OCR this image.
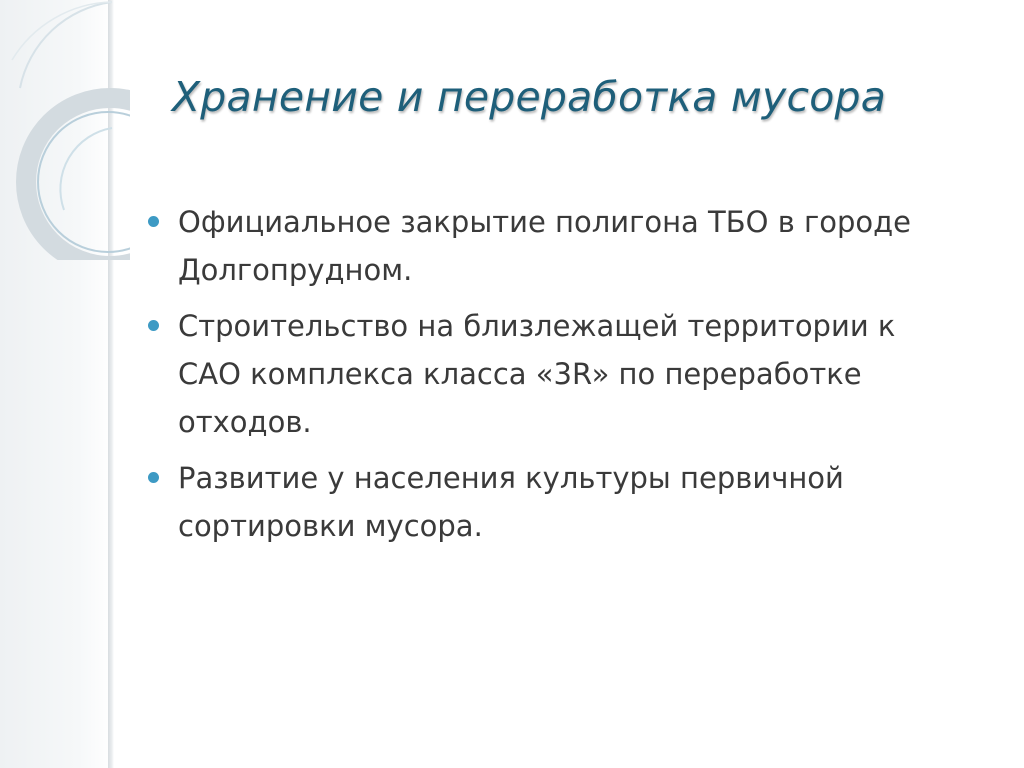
Хранение и переработка мусора
Официальное закрытие полигона ТБО в городе Долгопрудном.
Строительство на близлежащей территории к САО комплекса класса «3R» по переработке отходов.
Развитие у населения культуры первичной сортировки мусора.
